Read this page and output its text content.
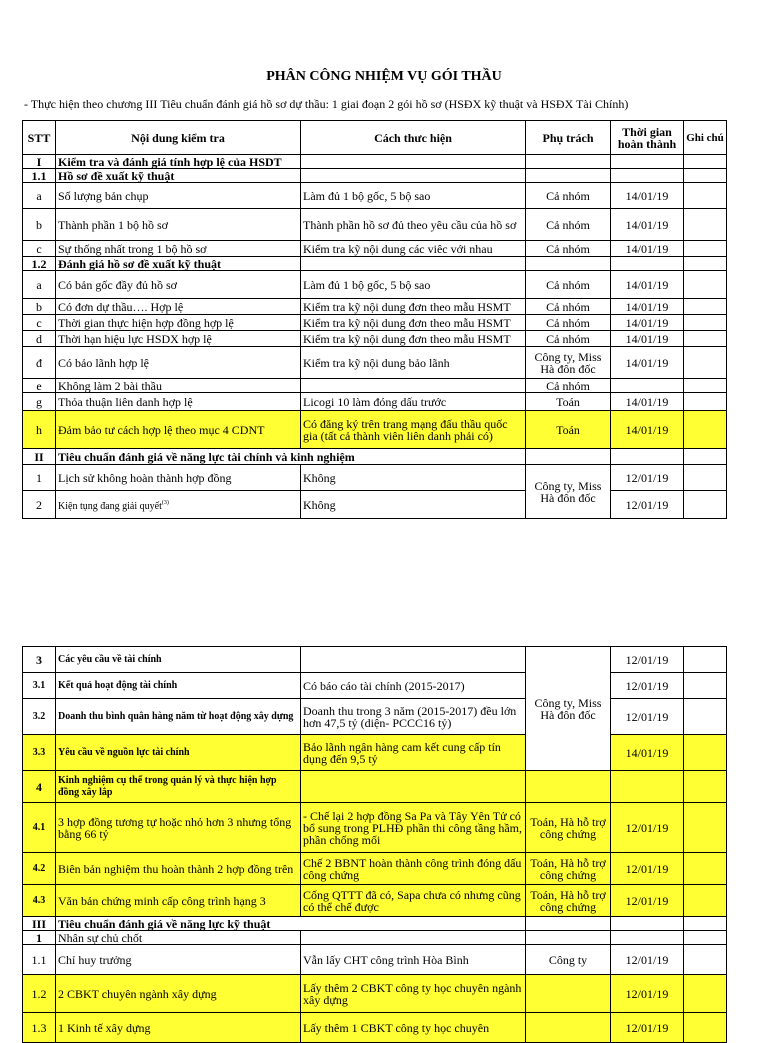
PHÂN CÔNG NHIỆM VỤ GÓI THẦU
- Thực hiện theo chương III Tiêu chuẩn đánh giá hồ sơ dự thầu: 1 giai đoạn 2 gói hồ sơ (HSĐX kỹ thuật và HSĐX Tài Chính)
STT	Nội dung kiểm tra	Cách thưc hiện	Phụ trách	Thời gian hoàn thành	Ghi chú
I	Kiểm tra và đánh giá tính hợp lệ của HSDT				
1.1	Hồ sơ đề xuất kỹ thuật				
a	Số lượng bản chụp	Làm đủ 1 bộ gốc, 5 bộ sao	Cả nhóm	14/01/19	
b	Thành phần 1 bộ hồ sơ	Thành phần hồ sơ đủ theo yêu cầu của hồ sơ	Cả nhóm	14/01/19	
c	Sự thống nhất trong 1 bộ hồ sơ	Kiểm tra kỹ nội dung các viêc với nhau	Cả nhóm	14/01/19	
1.2	Đánh giá hồ sơ đề xuất kỹ thuật				
a	Có bản gốc đầy đủ hồ sơ	Làm đủ 1 bộ gốc, 5 bộ sao	Cả nhóm	14/01/19	
b	Có đơn dự thầu…. Hợp lệ	Kiểm tra kỹ nội dung đơn theo mẫu HSMT	Cả nhóm	14/01/19	
c	Thời gian thực hiện hợp đồng hợp lệ	Kiểm tra kỹ nội dung đơn theo mẫu HSMT	Cả nhóm	14/01/19	
d	Thời hạn hiệu lực HSDX hợp lệ	Kiểm tra kỹ nội dung đơn theo mẫu HSMT	Cả nhóm	14/01/19	
đ	Có bảo lãnh hợp lệ	Kiểm tra kỹ nội dung bảo lãnh	Công ty, Miss Hà đôn đốc	14/01/19	
e	Không làm 2 bài thầu		Cả nhóm		
g	Thỏa thuận liên danh hợp lệ	Licogi 10 làm đóng dấu trước	Toán	14/01/19	
h	Đảm bảo tư cách hợp lệ theo mục 4 CDNT	Có đăng ký trên trang mạng đấu thầu quốc gia (tất cả thành viên liên danh phải có)	Toán	14/01/19	
II	Tiêu chuẩn đánh giá về năng lực tài chính và kinh nghiệm				
1	Lịch sử không hoàn thành hợp đồng	Không	Công ty, Miss Hà đôn đốc	12/01/19	
2	Kiện tụng đang giải quyết$^{(3)}$	Không		12/01/19	
3	Các yêu cầu về tài chính		Công ty, Miss Hà đôn đốc	12/01/19	
3.1	Kết quả hoạt động tài chính	Có báo cáo tài chính (2015-2017)		12/01/19	
3.2	Doanh thu bình quân hàng năm từ hoạt động xây dựng	Doanh thu trong 3 năm (2015-2017) đều lớn hơn 47,5 tỷ (diện- PCCC16 tỷ)		12/01/19	
3.3	Yêu cầu về nguồn lực tài chính	Bảo lãnh ngân hàng cam kết cung cấp tín dụng đến 9,5 tỷ		14/01/19	
4	Kinh nghiệm cụ thể trong quản lý và thực hiện hợp đồng xây lắp				
4.1	3 hợp đồng tương tự hoặc nhỏ hơn 3 nhưng tổng bằng 66 tỷ	- Chế lại 2 hợp đồng Sa Pa và Tây Yên Tử có bổ sung trong PLHĐ phần thi công tầng hầm, phần chống mối	Toán, Hà hỗ trợ công chứng	12/01/19	
4.2	Biên bản nghiệm thu hoàn thành 2 hợp đồng trên	Chế 2 BBNT hoàn thành công trình đóng dấu công chứng	Toán, Hà hỗ trợ công chứng	12/01/19	
4.3	Văn bản chứng minh cấp công trình hạng 3	Cống QTTT đã có, Sapa chưa có nhưng cũng có thể chế được	Toán, Hà hỗ trợ công chứng	12/01/19	
III	Tiêu chuẩn đánh giá về năng lực kỹ thuật				
1	Nhân sự chủ chốt				
1.1	Chỉ huy trưởng	Vẫn lấy CHT công trình Hòa Bình	Công ty	12/01/19	
1.2	2 CBKT chuyên ngành xây dựng	Lấy thêm 2 CBKT công ty học chuyên ngành xây dựng		12/01/19	
1.3	1 Kinh tế xây dựng	Lấy thêm 1 CBKT công ty học chuyên		12/01/19	
